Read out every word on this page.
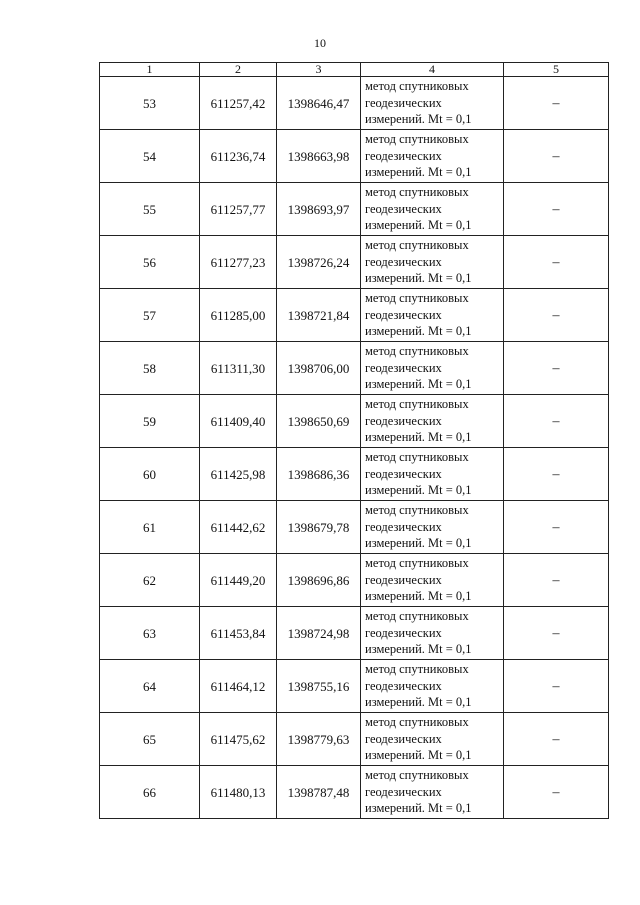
10
1	2	3	4	5
53	611257,42	1398646,47	метод спутниковых
геодезических
измерений. Mt = 0,1	–
54	611236,74	1398663,98	метод спутниковых
геодезических
измерений. Mt = 0,1	–
55	611257,77	1398693,97	метод спутниковых
геодезических
измерений. Mt = 0,1	–
56	611277,23	1398726,24	метод спутниковых
геодезических
измерений. Mt = 0,1	–
57	611285,00	1398721,84	метод спутниковых
геодезических
измерений. Mt = 0,1	–
58	611311,30	1398706,00	метод спутниковых
геодезических
измерений. Mt = 0,1	–
59	611409,40	1398650,69	метод спутниковых
геодезических
измерений. Mt = 0,1	–
60	611425,98	1398686,36	метод спутниковых
геодезических
измерений. Mt = 0,1	–
61	611442,62	1398679,78	метод спутниковых
геодезических
измерений. Mt = 0,1	–
62	611449,20	1398696,86	метод спутниковых
геодезических
измерений. Mt = 0,1	–
63	611453,84	1398724,98	метод спутниковых
геодезических
измерений. Mt = 0,1	–
64	611464,12	1398755,16	метод спутниковых
геодезических
измерений. Mt = 0,1	–
65	611475,62	1398779,63	метод спутниковых
геодезических
измерений. Mt = 0,1	–
66	611480,13	1398787,48	метод спутниковых
геодезических
измерений. Mt = 0,1	–
